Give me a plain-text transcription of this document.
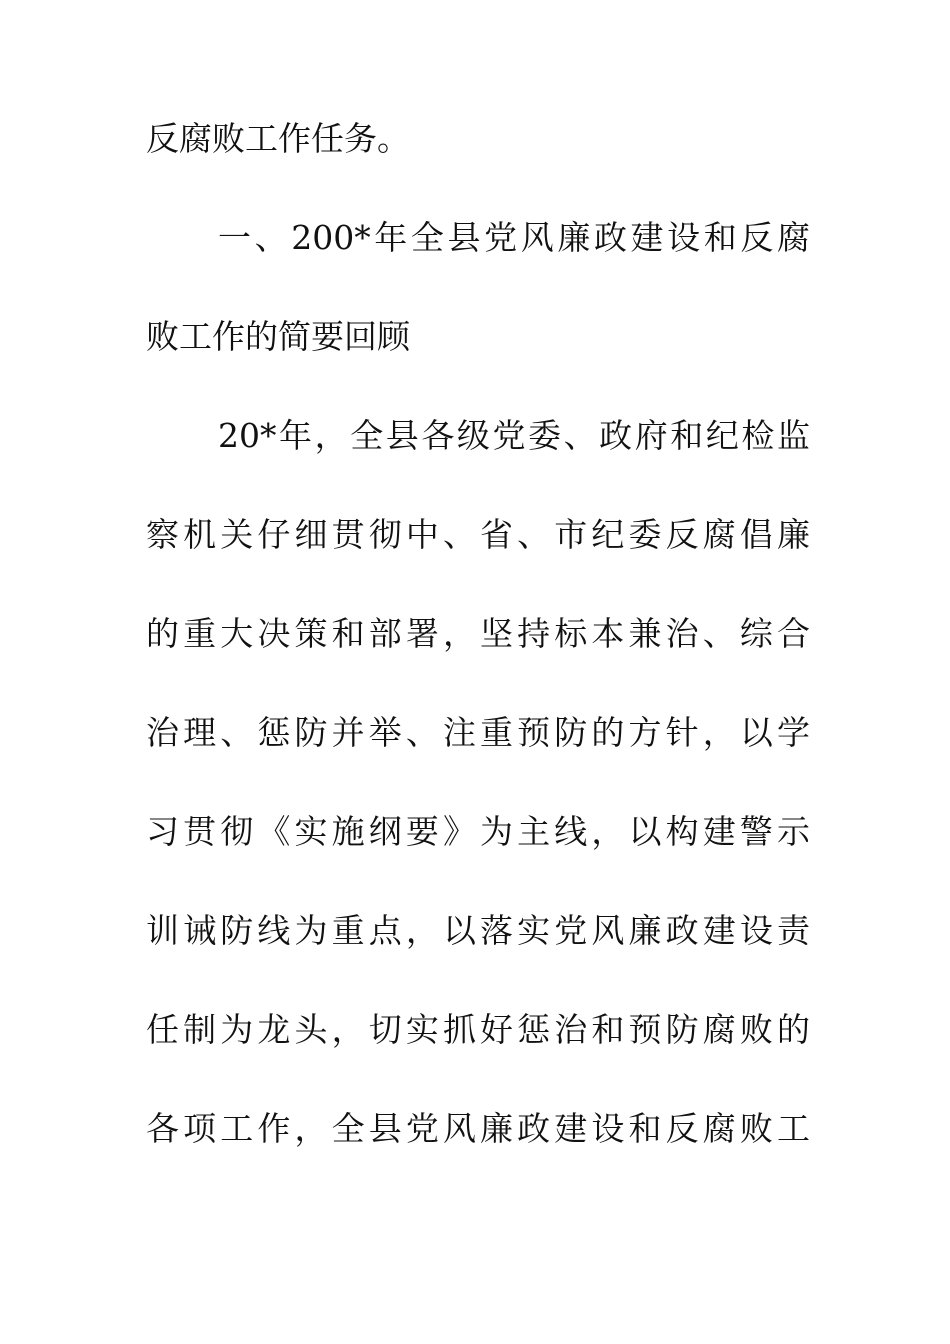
反腐败工作任务。
一、200*年全县党风廉政建设和反腐
败工作的简要回顾
20*年，全县各级党委、政府和纪检监
察机关仔细贯彻中、省、市纪委反腐倡廉
的重大决策和部署，坚持标本兼治、综合
治理、惩防并举、注重预防的方针，以学
习贯彻《实施纲要》为主线，以构建警示
训诫防线为重点，以落实党风廉政建设责
任制为龙头，切实抓好惩治和预防腐败的
各项工作，全县党风廉政建设和反腐败工
